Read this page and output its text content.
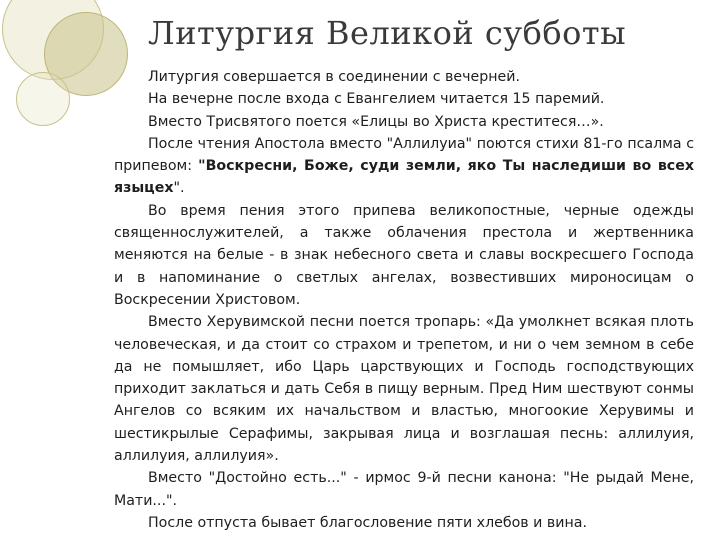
Литургия Великой субботы

Литургия совершается в соединении с вечерней.

На вечерне после входа с Евангелием читается 15 паремий.

Вместо Трисвятого поется «Елицы во Христа креститеся…».

После чтения Апостола вместо "Аллилуиа" поются стихи 81-го псалма с припевом: "Воскресни, Боже, суди земли, яко Ты наследиши во всех языцех".

Во время пения этого припева великопостные, черные одежды священнослужителей, а также облачения престола и жертвенника меняются на белые - в знак небесного света и славы воскресшего Господа и в напоминание о светлых ангелах, возвестивших мироносицам о Воскресении Христовом.

Вместо Херувимской песни поется тропарь: «Да умолкнет всякая плоть человеческая, и да стоит со страхом и трепетом, и ни о чем земном в себе да не помышляет, ибо Царь царствующих и Господь господствующих приходит заклаться и дать Себя в пищу верным. Пред Ним шествуют сонмы Ангелов со всяким их начальством и властью, многоокие Херувимы и шестикрылые Серафимы, закрывая лица и возглашая песнь: аллилуия, аллилуия, аллилуия».

Вместо "Достойно есть..." - ирмос 9-й песни канона: "Не рыдай Мене, Мати...".

После отпуста бывает благословение пяти хлебов и вина.
